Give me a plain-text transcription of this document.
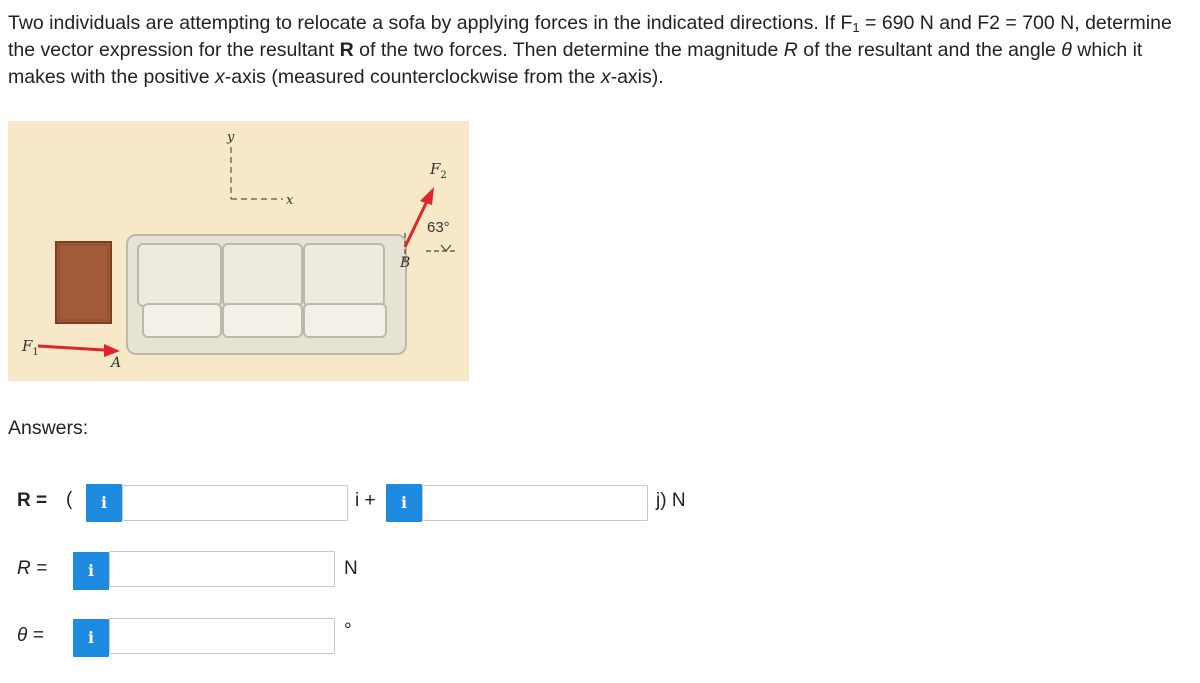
Two individuals are attempting to relocate a sofa by applying forces in the indicated directions. If $F_1 = 690$ N and F2 = 700 N, determine the vector expression for the resultant R of the two forces. Then determine the magnitude R of the resultant and the angle θ which it makes with the positive x-axis (measured counterclockwise from the x-axis).
y
x
$F_2$
63°
B
$F_1$
A
Answers:
R = (	i	i +	i	j) N
R =	i	N
θ =	i	°
